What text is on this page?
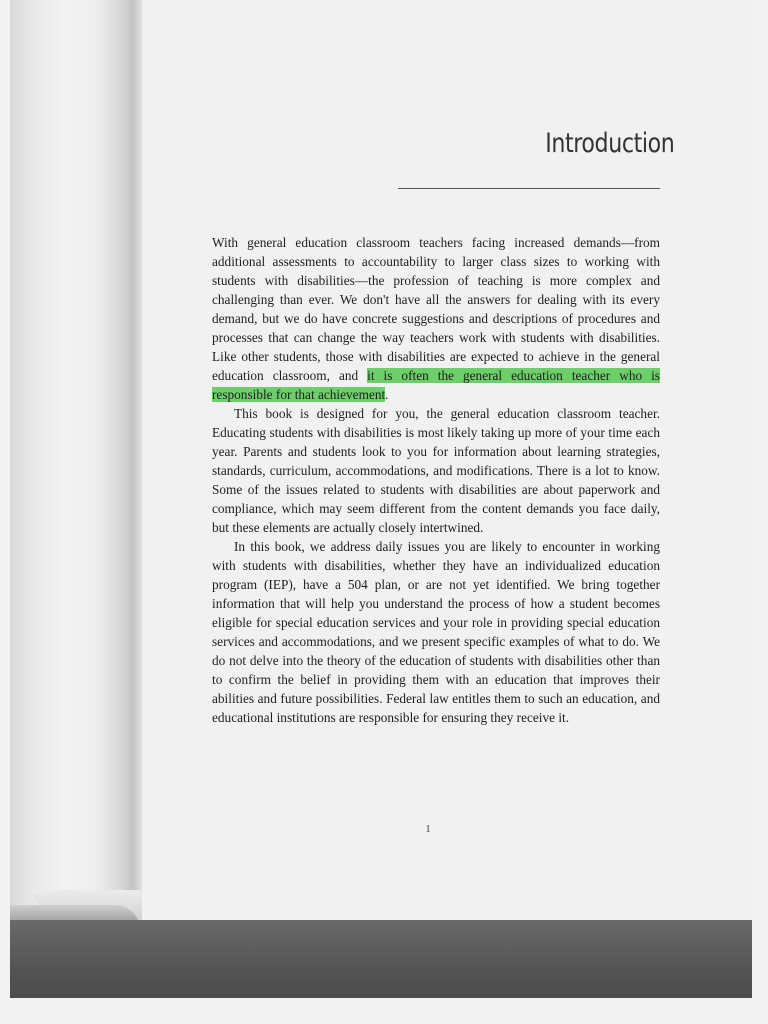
Introduction

With general education classroom teachers facing increased demands—from additional assessments to accountability to larger class sizes to working with students with disabilities—the profession of teaching is more complex and challenging than ever. We don't have all the answers for dealing with its every demand, but we do have concrete suggestions and descriptions of procedures and processes that can change the way teachers work with students with disabilities. Like other students, those with disabilities are expected to achieve in the general education classroom, and it is often the general education teacher who is responsible for that achievement.

This book is designed for you, the general education classroom teacher. Educating students with disabilities is most likely taking up more of your time each year. Parents and students look to you for information about learning strategies, standards, curriculum, accommodations, and modifications. There is a lot to know. Some of the issues related to students with disabilities are about paperwork and compliance, which may seem different from the content demands you face daily, but these elements are actually closely intertwined.

In this book, we address daily issues you are likely to encounter in working with students with disabilities, whether they have an individualized education program (IEP), have a 504 plan, or are not yet identified. We bring together information that will help you understand the process of how a student becomes eligible for special education services and your role in providing special education services and accommodations, and we present specific examples of what to do. We do not delve into the theory of the education of students with disabilities other than to confirm the belief in providing them with an education that improves their abilities and future possibilities. Federal law entitles them to such an education, and educational institutions are responsible for ensuring they receive it.

1
